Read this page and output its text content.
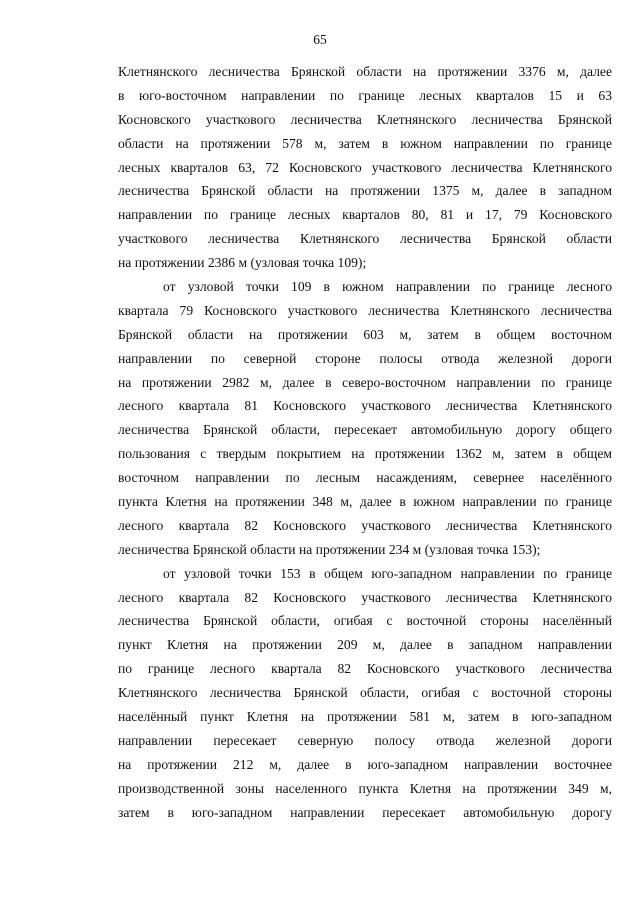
65
Клетнянского лесничества Брянской области на протяжении 3376 м, далее
в юго-восточном направлении по границе лесных кварталов 15 и 63
Косновского участкового лесничества Клетнянского лесничества Брянской
области на протяжении 578 м, затем в южном направлении по границе
лесных кварталов 63, 72 Косновского участкового лесничества Клетнянского
лесничества Брянской области на протяжении 1375 м, далее в западном
направлении по границе лесных кварталов 80, 81 и 17, 79 Косновского
участкового лесничества Клетнянского лесничества Брянской области
на протяжении 2386 м (узловая точка 109);
от узловой точки 109 в южном направлении по границе лесного
квартала 79 Косновского участкового лесничества Клетнянского лесничества
Брянской области на протяжении 603 м, затем в общем восточном
направлении по северной стороне полосы отвода железной дороги
на протяжении 2982 м, далее в северо-восточном направлении по границе
лесного квартала 81 Косновского участкового лесничества Клетнянского
лесничества Брянской области, пересекает автомобильную дорогу общего
пользования с твердым покрытием на протяжении 1362 м, затем в общем
восточном направлении по лесным насаждениям, севернее населённого
пункта Клетня на протяжении 348 м, далее в южном направлении по границе
лесного квартала 82 Косновского участкового лесничества Клетнянского
лесничества Брянской области на протяжении 234 м (узловая точка 153);
от узловой точки 153 в общем юго-западном направлении по границе
лесного квартала 82 Косновского участкового лесничества Клетнянского
лесничества Брянской области, огибая с восточной стороны населённый
пункт Клетня на протяжении 209 м, далее в западном направлении
по границе лесного квартала 82 Косновского участкового лесничества
Клетнянского лесничества Брянской области, огибая с восточной стороны
населённый пункт Клетня на протяжении 581 м, затем в юго-западном
направлении пересекает северную полосу отвода железной дороги
на протяжении 212 м, далее в юго-западном направлении восточнее
производственной зоны населенного пункта Клетня на протяжении 349 м,
затем в юго-западном направлении пересекает автомобильную дорогу
